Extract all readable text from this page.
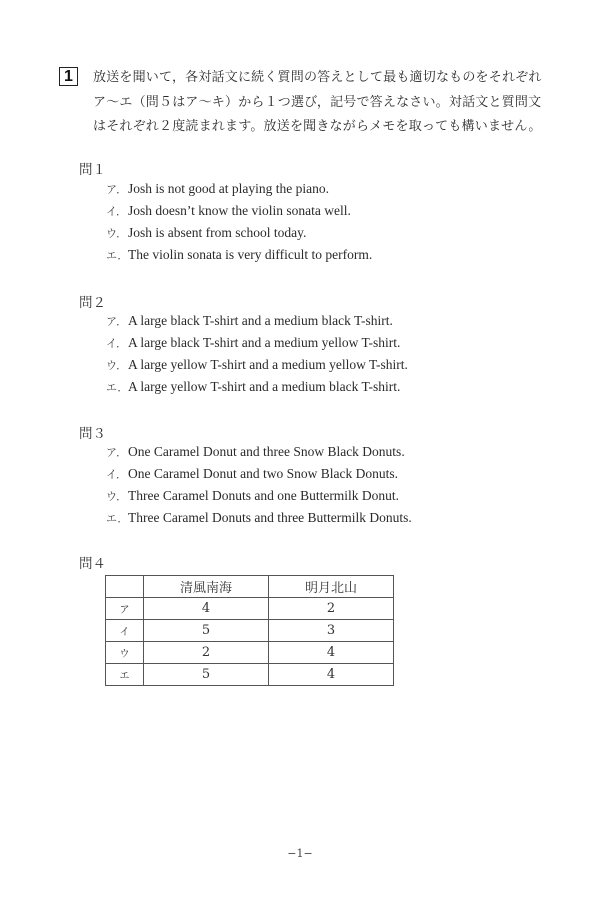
1	放送を聞いて，各対話文に続く質問の答えとして最も適切なものをそれぞれア～エ（問５はア～キ）から１つ選び，記号で答えなさい。対話文と質問文はそれぞれ２度読まれます。放送を聞きながらメモを取っても構いません。
問１
ア．Josh is not good at playing the piano.
イ．Josh doesn’t know the violin sonata well.
ウ．Josh is absent from school today.
エ．The violin sonata is very difficult to perform.
問２
ア．A large black T-shirt and a medium black T-shirt.
イ．A large black T-shirt and a medium yellow T-shirt.
ウ．A large yellow T-shirt and a medium yellow T-shirt.
エ．A large yellow T-shirt and a medium black T-shirt.
問３
ア．One Caramel Donut and three Snow Black Donuts.
イ．One Caramel Donut and two Snow Black Donuts.
ウ．Three Caramel Donuts and one Buttermilk Donut.
エ．Three Caramel Donuts and three Buttermilk Donuts.
問４
	清風南海	明月北山
ア	4	2
イ	5	3
ウ	2	4
エ	5	4
−1−
